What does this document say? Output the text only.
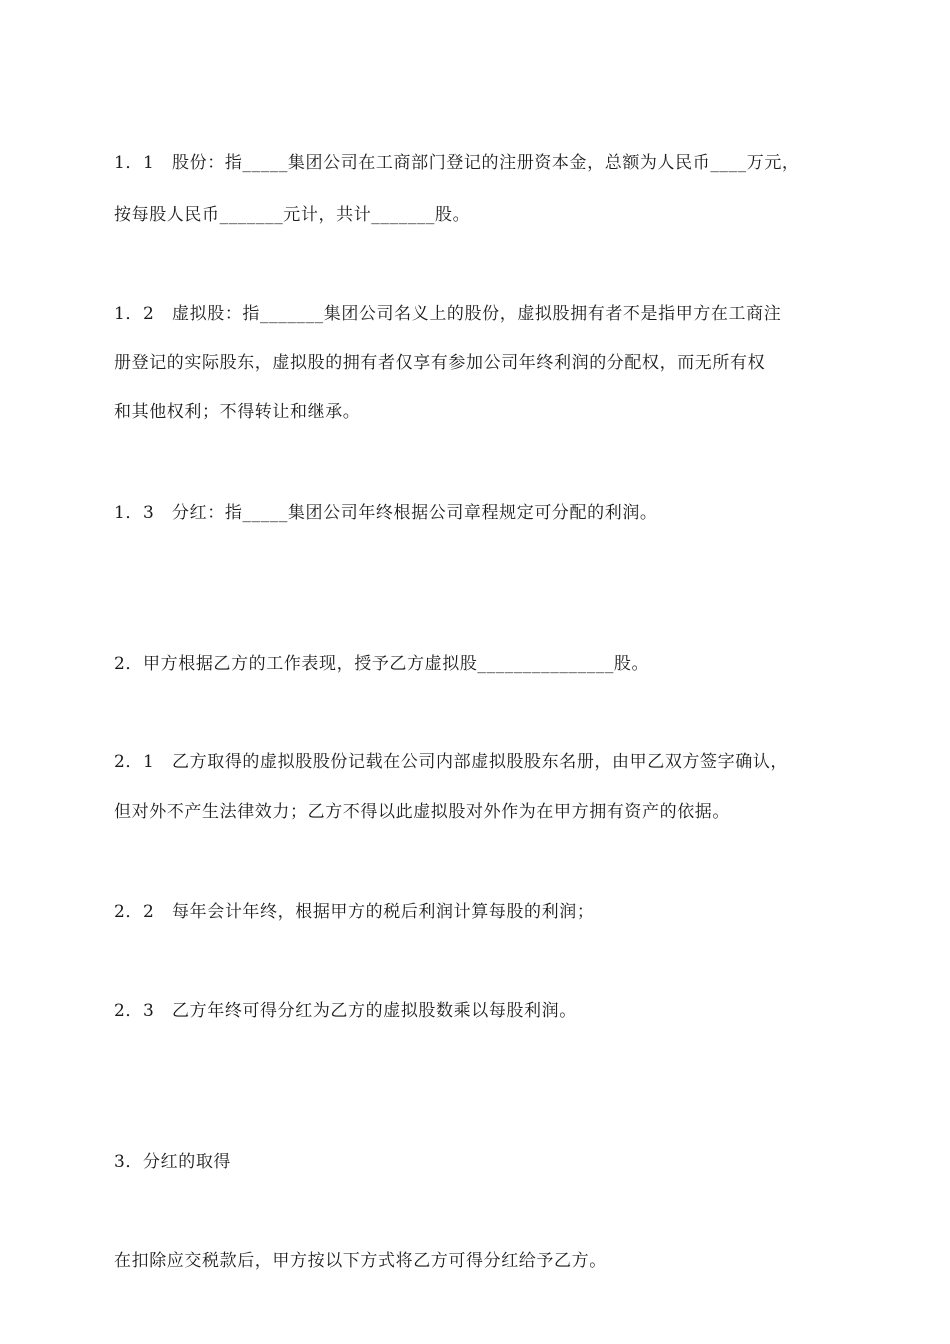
1．1　股份：指_____集团公司在工商部门登记的注册资本金，总额为人民币____万元，
按每股人民币_______元计，共计_______股。
1．2　虚拟股：指_______集团公司名义上的股份，虚拟股拥有者不是指甲方在工商注
册登记的实际股东，虚拟股的拥有者仅享有参加公司年终利润的分配权，而无所有权
和其他权利；不得转让和继承。
1．3　分红：指_____集团公司年终根据公司章程规定可分配的利润。
2．甲方根据乙方的工作表现，授予乙方虚拟股_______________股。
2．1　乙方取得的虚拟股股份记载在公司内部虚拟股股东名册，由甲乙双方签字确认，
但对外不产生法律效力；乙方不得以此虚拟股对外作为在甲方拥有资产的依据。
2．2　每年会计年终，根据甲方的税后利润计算每股的利润；
2．3　乙方年终可得分红为乙方的虚拟股数乘以每股利润。
3．分红的取得
在扣除应交税款后，甲方按以下方式将乙方可得分红给予乙方。
